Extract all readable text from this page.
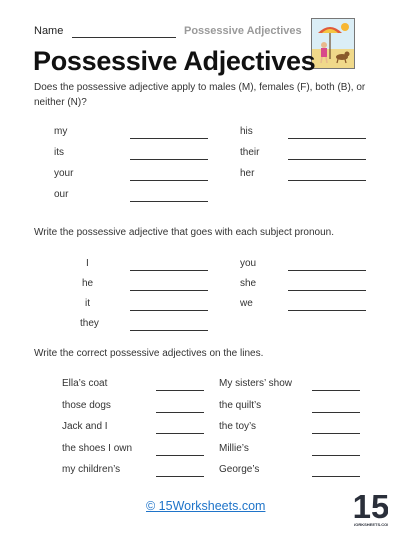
Name	Possessive Adjectives
Possessive Adjectives
Does the possessive adjective apply to males (M), females (F), both (B), or neither (N)?
my
its
your
our
his
their
her
Write the possessive adjective that goes with each subject pronoun.
I
he
it
they
you
she
we
Write the correct possessive adjectives on the lines.
Ella’s coat
those dogs
Jack and I
the shoes I own
my children’s
My sisters’ show
the quilt’s
the toy’s
Millie’s
George’s
© 15Worksheets.com	15
ORKSHEETS.CO
